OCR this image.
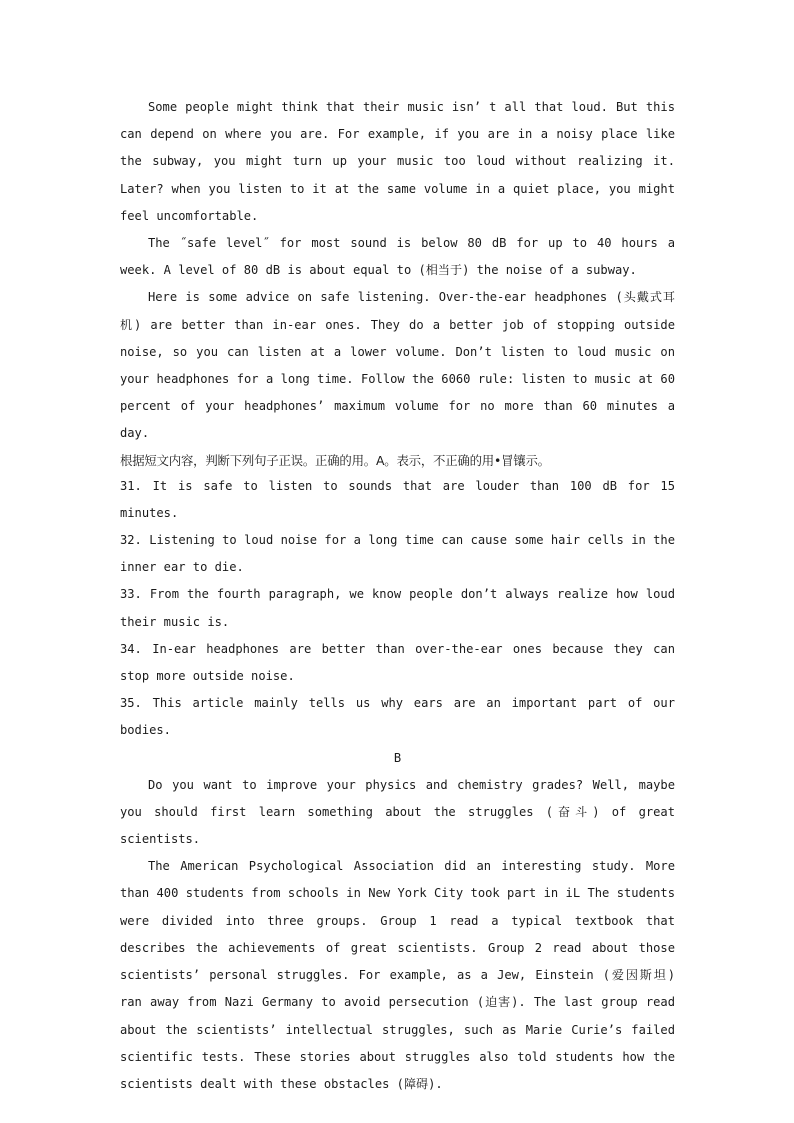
Some people might think that their music isn’ t all that loud. But this can depend on where you are. For example, if you are in a noisy place like the subway, you might turn up your music too loud without realizing it. Later? when you listen to it at the same volume in a quiet place, you might feel uncomfortable.

The ˝safe level˝ for most sound is below 80 dB for up to 40 hours a week. A level of 80 dB is about equal to (相当于) the noise of a subway.

Here is some advice on safe listening. Over-the-ear headphones (头戴式耳机) are better than in-ear ones. They do a better job of stopping outside noise, so you can listen at a lower volume. Don’t listen to loud music on your headphones for a long time. Follow the 6060 rule: listen to music at 60 percent of your headphones’ maximum volume for no more than 60 minutes a day.

根据短文内容，判断下列句子正误。正确的用。A。表示，不正确的用•冒镶示。

31. It is safe to listen to sounds that are louder than 100 dB for 15 minutes.

32. Listening to loud noise for a long time can cause some hair cells in the inner ear to die.

33. From the fourth paragraph, we know people don’t always realize how loud their music is.

34. In-ear headphones are better than over-the-ear ones because they can stop more outside noise.

35. This article mainly tells us why ears are an important part of our bodies.

B

Do you want to improve your physics and chemistry grades? Well, maybe you should first learn something about the struggles (奋斗) of great scientists.

The American Psychological Association did an interesting study. More than 400 students from schools in New York City took part in iL The students were divided into three groups. Group 1 read a typical textbook that describes the achievements of great scientists. Group 2 read about those scientists’ personal struggles. For example, as a Jew, Einstein (爱因斯坦) ran away from Nazi Germany to avoid persecution (迫害). The last group read about the scientists’ intellectual struggles, such as Marie Curie’s failed scientific tests. These stories about struggles also told students how the scientists dealt with these obstacles (障碍).
